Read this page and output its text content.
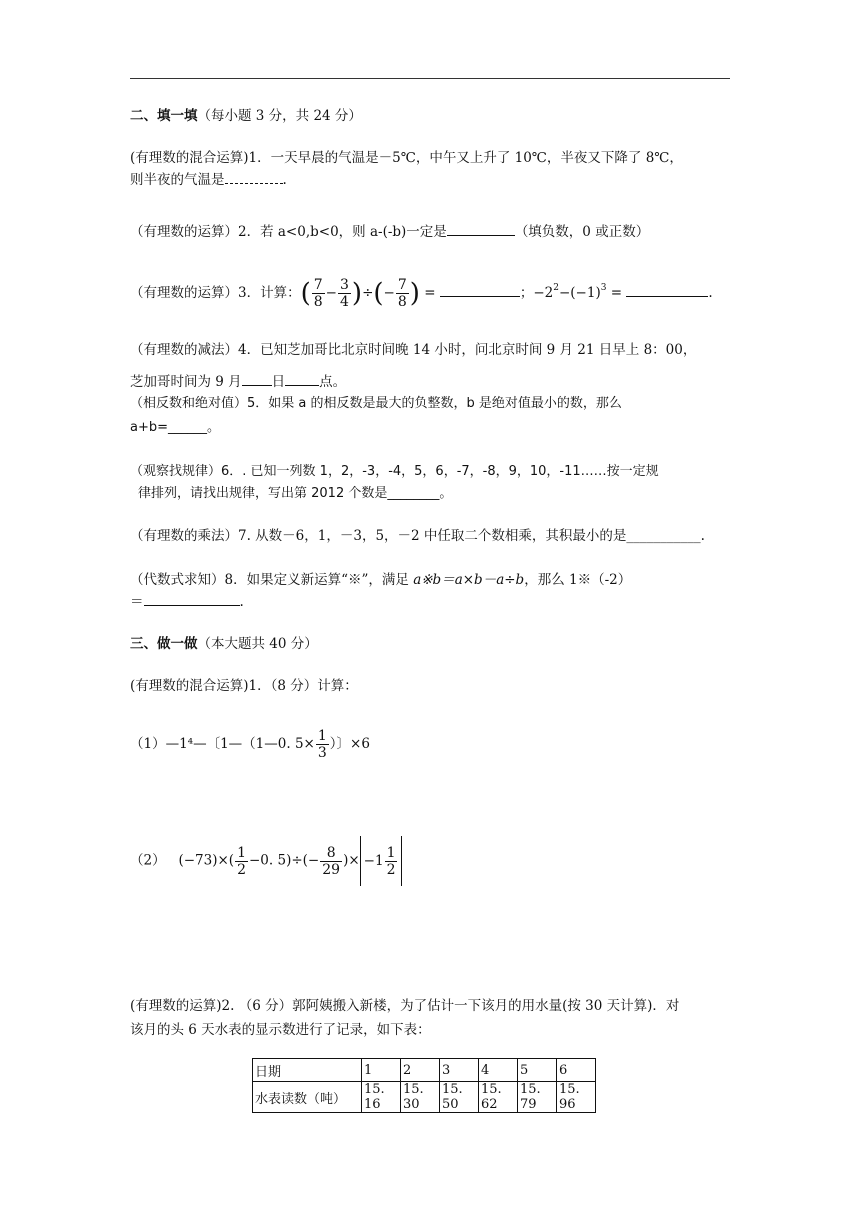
二、填一填（每小题 3 分，共 24 分）
(有理数的混合运算)1．一天早晨的气温是－5℃，中午又上升了 10℃，半夜又下降了 8℃，
则半夜的气温是	.
（有理数的运算）2．若 a<0,b<0，则 a-(-b)一定是	（填负数，0 或正数）
（有理数的运算）3．计算：( $\frac{7}{8} - \frac{3}{4}$ )÷(− $\frac{7}{8}$ ) =	；$-2^2-(-1)^3$ =	.
（有理数的减法）4．已知芝加哥比北京时间晚 14 小时，问北京时间 9 月 21 日早上 8：00，
芝加哥时间为 9 月 日	点。
（相反数和绝对值）5．如果 a 的相反数是最大的负整数，b 是绝对值最小的数，那么
a+b=______。
（观察找规律）6．. 已知一列数 1，2，-3，-4，5，6，-7，-8，9，10，-11……按一定规
律排列，请找出规律，写出第 2012 个数是________。
（有理数的乘法）7. 从数－6，1，－3，5，－2 中任取二个数相乘，其积最小的是___________.
（代数式求知）8．如果定义新运算“※”，满足 a※b＝a×b－a÷b，那么 1※（-2）
＝	.
三、做一做（本大题共 40 分）
(有理数的混合运算)1．（8 分）计算：
（1）—1⁴—〔1—（1—0. $5\times \frac{1}{3}$ ）〕×6
（2） $(-73)\times( \frac{1}{2} -0$. $5)\div(- \frac{8}{29}$ )× $-1 \frac{1}{2}$
(有理数的运算)2. （6 分）郭阿姨搬入新楼，为了估计一下该月的用水量(按 30 天计算)．对
该月的头 6 天水表的显示数进行了记录，如下表：
日期	1	2	3	4	5	6
水表读数（吨）	15. 16	15. 30	15. 50	15. 62	15. 79	15. 96
